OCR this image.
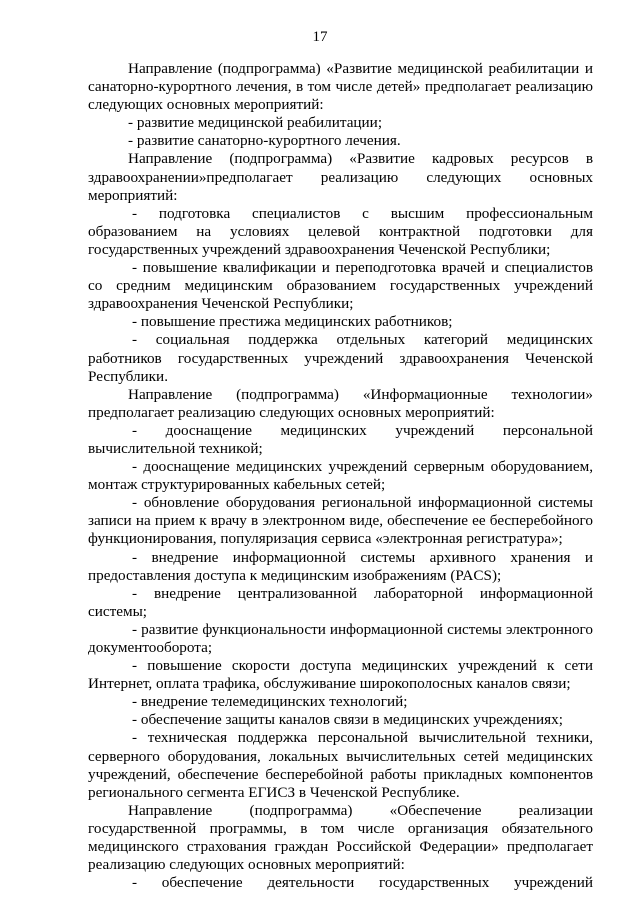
17

Направление (подпрограмма) «Развитие медицинской реабилитации и санаторно-курортного лечения, в том числе детей» предполагает реализацию следующих основных мероприятий:

- развитие медицинской реабилитации;

- развитие санаторно-курортного лечения.

Направление (подпрограмма) «Развитие кадровых ресурсов в здравоохранении»предполагает реализацию следующих основных мероприятий:

- подготовка специалистов с высшим профессиональным образованием на условиях целевой контрактной подготовки для государственных учреждений здравоохранения Чеченской Республики;

- повышение квалификации и переподготовка врачей и специалистов со средним медицинским образованием государственных учреждений здравоохранения Чеченской Республики;

- повышение престижа медицинских работников;

- социальная поддержка отдельных категорий медицинских работников государственных учреждений здравоохранения Чеченской Республики.

Направление (подпрограмма) «Информационные технологии» предполагает реализацию следующих основных мероприятий:

- дооснащение медицинских учреждений персональной вычислительной техникой;

- дооснащение медицинских учреждений серверным оборудованием, монтаж структурированных кабельных сетей;

- обновление оборудования региональной информационной системы записи на прием к врачу в электронном виде, обеспечение ее бесперебойного функционирования, популяризация сервиса «электронная регистратура»;

- внедрение информационной системы архивного хранения и предоставления доступа к медицинским изображениям (PACS);

- внедрение централизованной лабораторной информационной системы;

- развитие функциональности информационной системы электронного документооборота;

- повышение скорости доступа медицинских учреждений к сети Интернет, оплата трафика, обслуживание широкополосных каналов связи;

- внедрение телемедицинских технологий;

- обеспечение защиты каналов связи в медицинских учреждениях;

- техническая поддержка персональной вычислительной техники, серверного оборудования, локальных вычислительных сетей медицинских учреждений, обеспечение бесперебойной работы прикладных компонентов регионального сегмента ЕГИСЗ в Чеченской Республике.

Направление (подпрограмма) «Обеспечение реализации государственной программы, в том числе организация обязательного медицинского страхования граждан Российской Федерации» предполагает реализацию следующих основных мероприятий:

- обеспечение деятельности государственных учреждений
